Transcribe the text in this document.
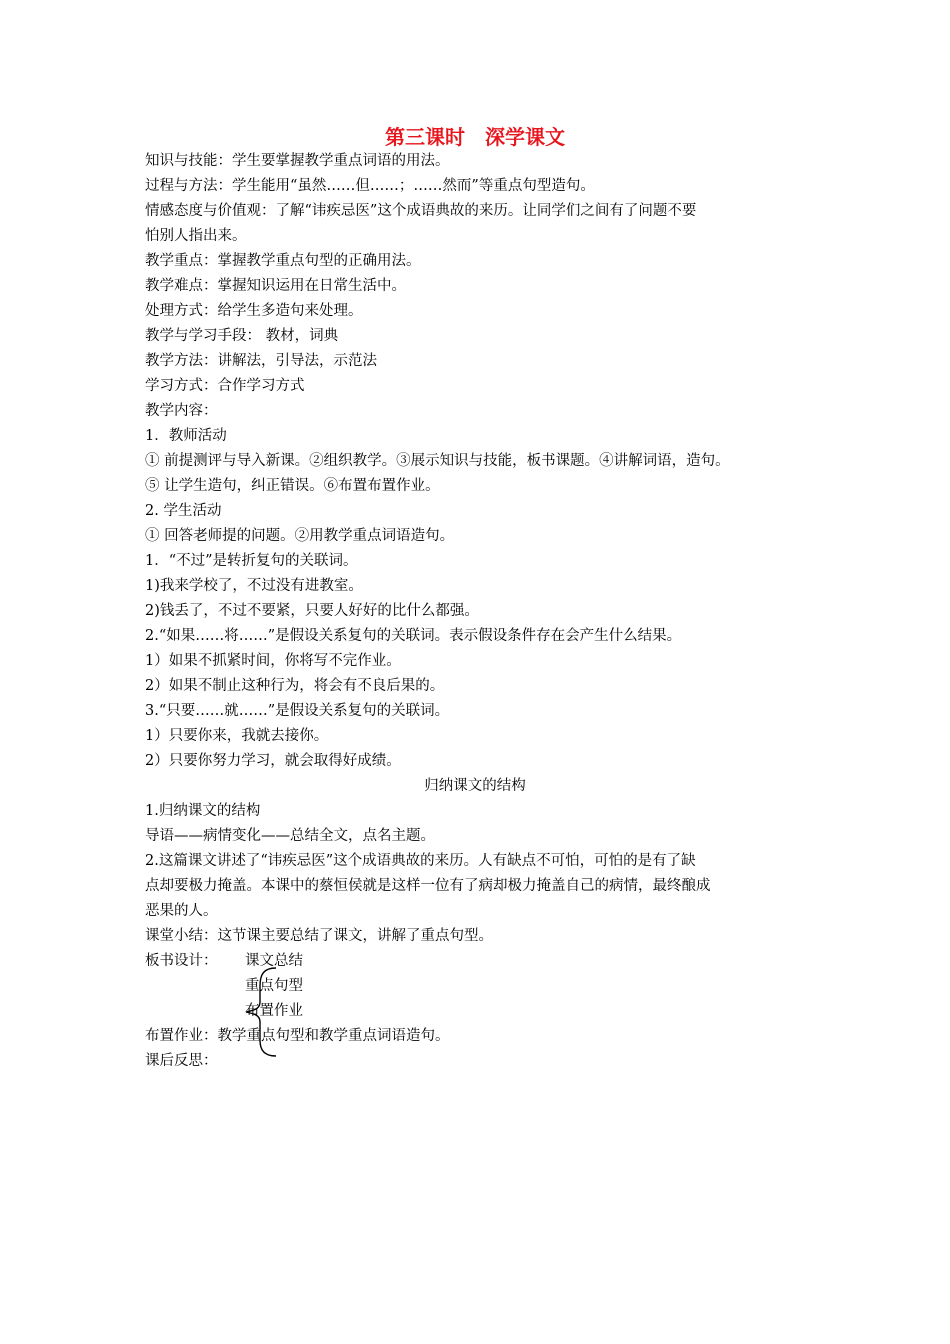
第三课时　深学课文
知识与技能：学生要掌握教学重点词语的用法。
过程与方法：学生能用“虽然……但……；……然而”等重点句型造句。
情感态度与价值观：了解“讳疾忌医”这个成语典故的来历。让同学们之间有了问题不要
怕别人指出来。
教学重点：掌握教学重点句型的正确用法。
教学难点：掌握知识运用在日常生活中。
处理方式：给学生多造句来处理。
教学与学习手段： 教材，词典
教学方法：讲解法，引导法，示范法
学习方式：合作学习方式
教学内容：
1．教师活动
① 前提测评与导入新课。②组织教学。③展示知识与技能，板书课题。④讲解词语，造句。
⑤ 让学生造句，纠正错误。⑥布置布置作业。
2. 学生活动
① 回答老师提的问题。②用教学重点词语造句。
1．“不过”是转折复句的关联词。
1)我来学校了，不过没有进教室。
2)钱丢了，不过不要紧，只要人好好的比什么都强。
2.“如果……将……”是假设关系复句的关联词。表示假设条件存在会产生什么结果。
1）如果不抓紧时间，你将写不完作业。
2）如果不制止这种行为，将会有不良后果的。
3.“只要……就……”是假设关系复句的关联词。
1）只要你来，我就去接你。
2）只要你努力学习，就会取得好成绩。
归纳课文的结构
1.归纳课文的结构
导语——病情变化——总结全文，点名主题。
2.这篇课文讲述了“讳疾忌医”这个成语典故的来历。人有缺点不可怕，可怕的是有了缺
点却要极力掩盖。本课中的蔡恒侯就是这样一位有了病却极力掩盖自己的病情，最终酿成
恶果的人。
课堂小结：这节课主要总结了课文，讲解了重点句型。
板书设计： 课文总结
重点句型
布置作业
布置作业：教学重点句型和教学重点词语造句。
课后反思：
